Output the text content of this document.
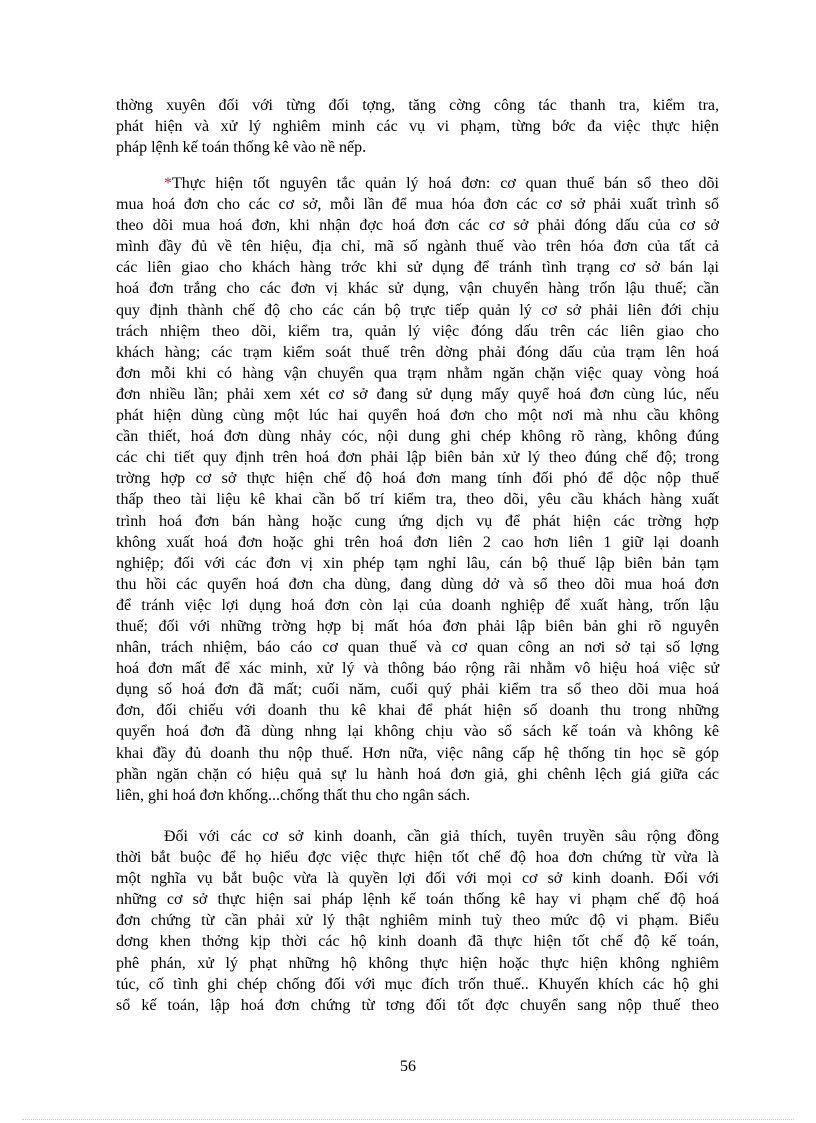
thờng xuyên đối với từng đối tợng, tăng cờng công tác thanh tra, kiểm tra,
phát hiện và xử lý nghiêm minh các vụ vi phạm, từng bớc đa việc thực hiện
pháp lệnh kế toán thống kê vào nề nếp.
*Thực hiện tốt nguyên tắc quản lý hoá đơn: cơ quan thuế bán sổ theo dõi
mua hoá đơn cho các cơ sở, mỗi lần để mua hóa đơn các cơ sở phải xuất trình sổ
theo dõi mua hoá đơn, khi nhận đợc hoá đơn các cơ sở phải đóng dấu của cơ sở
mình đầy đủ về tên hiệu, địa chỉ, mã số ngành thuế vào trên hóa đơn của tất cả
các liên giao cho khách hàng trớc khi sử dụng để tránh tình trạng cơ sở bán lại
hoá đơn trắng cho các đơn vị khác sử dụng, vận chuyển hàng trốn lậu thuế; cần
quy định thành chế độ cho các cán bộ trực tiếp quản lý cơ sở phải liên đới chịu
trách nhiệm theo dõi, kiểm tra, quản lý việc đóng dấu trên các liên giao cho
khách hàng; các trạm kiểm soát thuế trên dờng phải đóng dấu của trạm lên hoá
đơn mỗi khi có hàng vận chuyển qua trạm nhằm ngăn chặn việc quay vòng hoá
đơn nhiều lần; phải xem xét cơ sở đang sử dụng mấy quyể hoá đơn cùng lúc, nếu
phát hiện dùng cùng một lúc hai quyển hoá đơn cho một nơi mà nhu cầu không
cần thiết, hoá đơn dùng nhảy cóc, nội dung ghi chép không rõ ràng, không đúng
các chi tiết quy định trên hoá đơn phải lập biên bản xử lý theo đúng chế độ; trong
trờng hợp cơ sở thực hiện chế độ hoá đơn mang tính đối phó để dộc nộp thuế
thấp theo tài liệu kê khai cần bố trí kiểm tra, theo dõi, yêu cầu khách hàng xuất
trình hoá đơn bán hàng hoặc cung ứng dịch vụ để phát hiện các trờng hợp
không xuất hoá đơn hoặc ghi trên hoá đơn liên 2 cao hơn liên 1 giữ lại doanh
nghiệp; đối với các đơn vị xin phép tạm nghỉ lâu, cán bộ thuế lập biên bản tạm
thu hồi các quyển hoá đơn cha dùng, đang dùng dở và sổ theo dõi mua hoá đơn
để tránh việc lợi dụng hoá đơn còn lại của doanh nghiệp để xuất hàng, trốn lậu
thuế; đối với những trờng hợp bị mất hóa đơn phải lập biên bản ghi rõ nguyên
nhân, trách nhiệm, báo cáo cơ quan thuế và cơ quan công an nơi sở tại số lợng
hoá đơn mất để xác minh, xử lý và thông báo rộng rãi nhằm vô hiệu hoá việc sử
dụng số hoá đơn đã mất; cuối năm, cuối quý phải kiểm tra sổ theo dõi mua hoá
đơn, đối chiếu với doanh thu kê khai để phát hiện số doanh thu trong những
quyển hoá đơn đã dùng nhng lại không chịu vào sổ sách kế toán và không kê
khai đầy đủ doanh thu nộp thuế. Hơn nữa, việc nâng cấp hệ thống tin học sẽ góp
phần ngăn chặn có hiệu quả sự lu hành hoá đơn giả, ghi chênh lệch giá giữa các
liên, ghi hoá đơn khống...chống thất thu cho ngân sách.
Đối với các cơ sở kinh doanh, cần giả thích, tuyên truyền sâu rộng đồng
thời bắt buộc để họ hiểu đợc việc thực hiện tốt chế độ hoa đơn chứng từ vừa là
một nghĩa vụ bắt buộc vừa là quyền lợi đối với mọi cơ sở kinh doanh. Đối với
những cơ sở thực hiện sai pháp lệnh kế toán thống kê hay vi phạm chế độ hoá
đơn chứng từ cần phải xử lý thật nghiêm minh tuỳ theo mức độ vi phạm. Biểu
dơng khen thởng kịp thời các hộ kinh doanh đã thực hiện tốt chế độ kế toán,
phê phán, xử lý phạt những hộ không thực hiện hoặc thực hiện không nghiêm
túc, cố tình ghi chép chống đối với mục đích trốn thuế.. Khuyến khích các hộ ghi
sổ kế toán, lập hoá đơn chứng từ tơng đối tốt đợc chuyển sang nộp thuế theo
56
